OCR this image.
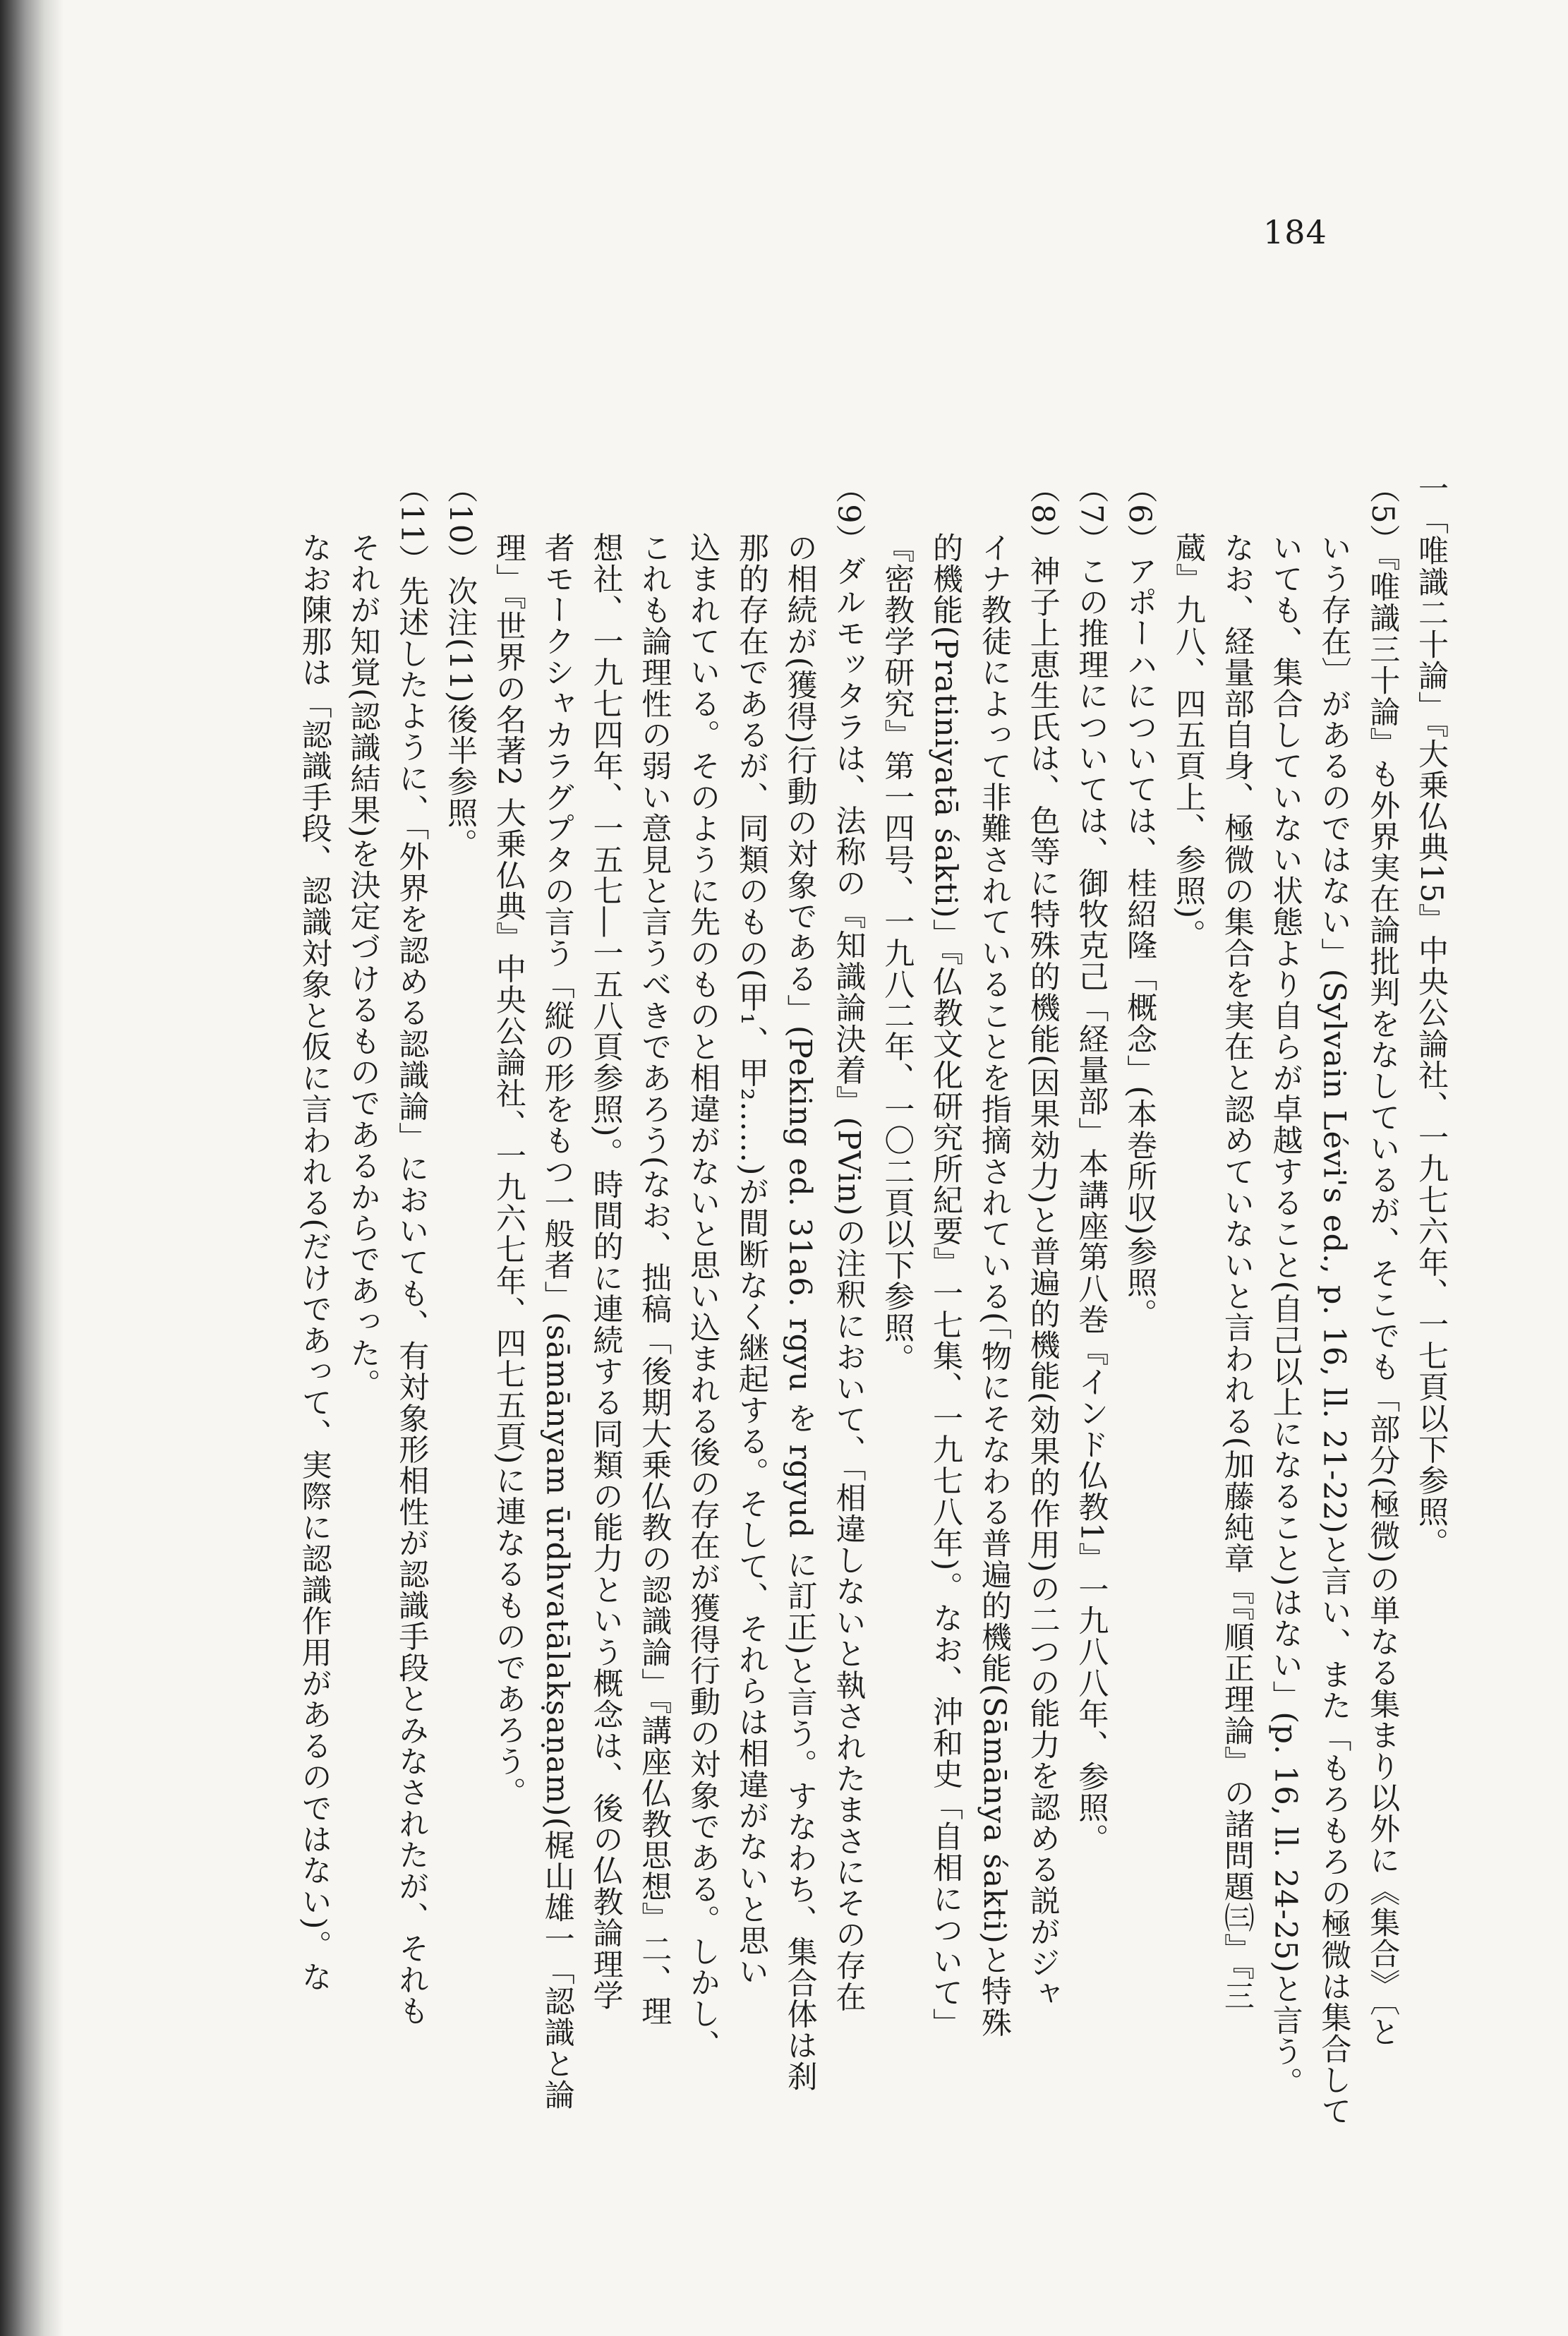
184
一「唯識二十論」『大乗仏典15』中央公論社、一九七六年、一七頁以下参照。
（5）『唯識三十論』も外界実在論批判をなしているが、そこでも「部分(極微)の単なる集まり以外に《集合》〔と
いう存在〕があるのではない」(Sylvain Lévi's ed., p. 16, ll. 21-22)と言い、また「もろもろの極微は集合して
いても、集合していない状態より自らが卓越すること(自己以上になること)はない」(p. 16, ll. 24-25)と言う。
なお、経量部自身、極微の集合を実在と認めていないと言われる(加藤純章『『順正理論』の諸問題㈢』『三
蔵』九八、四五頁上、参照)。
（6）アポーハについては、桂紹隆「概念」(本巻所収)参照。
（7）この推理については、御牧克己「経量部」本講座第八巻『インド仏教1』一九八八年、参照。
（8）神子上恵生氏は、色等に特殊的機能(因果効力)と普遍的機能(効果的作用)の二つの能力を認める説がジャ
イナ教徒によって非難されていることを指摘されている(「物にそなわる普遍的機能(Sāmānya śakti)と特殊
的機能(Pratiniyatā śakti)」『仏教文化研究所紀要』一七集、一九七八年)。なお、沖和史「自相について」
『密教学研究』第一四号、一九八二年、一〇二頁以下参照。
（9）ダルモッタラは、法称の『知識論決着』(PVin)の注釈において、「相違しないと執されたまさにその存在
の相続が(獲得)行動の対象である」(Peking ed. 31a6. rgyu を rgyud に訂正)と言う。すなわち、集合体は刹
那的存在であるが、同類のもの(甲₁、甲₂……)が間断なく継起する。そして、それらは相違がないと思い
込まれている。そのように先のものと相違がないと思い込まれる後の存在が獲得行動の対象である。しかし、
これも論理性の弱い意見と言うべきであろう(なお、拙稿「後期大乗仏教の認識論」『講座仏教思想』二、理
想社、一九七四年、一五七―一五八頁参照)。時間的に連続する同類の能力という概念は、後の仏教論理学
者モークシャカラグプタの言う「縦の形をもつ一般者」(sāmānyam ūrdhvatālakṣaṇam)(梶山雄一「認識と論
理」『世界の名著2 大乗仏典』中央公論社、一九六七年、四七五頁)に連なるものであろう。
（10）次注(11)後半参照。
（11）先述したように、「外界を認める認識論」においても、有対象形相性が認識手段とみなされたが、それも
それが知覚(認識結果)を決定づけるものであるからであった。
なお陳那は「認識手段、認識対象と仮に言われる(だけであって、実際に認識作用があるのではない)。な
